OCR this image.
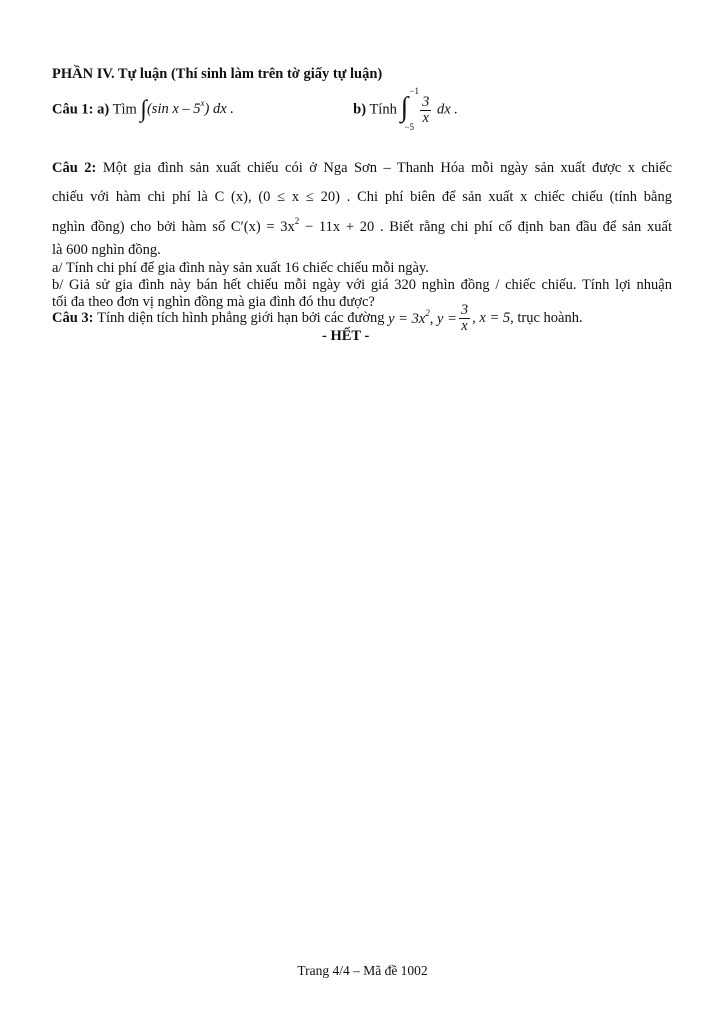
PHẦN IV. Tự luận (Thí sinh làm trên tờ giấy tự luận)
Câu 1: a) Tìm ∫(sin x – 5$^x$) dx .	b) Tính ∫
−1
−5

$\frac{3}{x}$ dx .
Câu 2: Một gia đình sản xuất chiếu cói ở Nga Sơn – Thanh Hóa mỗi ngày sản xuất được x chiếc
chiếu với hàm chi phí là C (x), (0 ≤ x ≤ 20) . Chi phí biên để sản xuất x chiếc chiếu (tính bằng
nghìn đồng) cho bởi hàm số $C'(x) = 3x^2 - 11x + 20$ . Biết rằng chi phí cố định ban đầu để sản xuất
là 600 nghìn đồng.
a/ Tính chi phí để gia đình này sản xuất 16 chiếc chiếu mỗi ngày.
b/ Giả sử gia đình này bán hết chiếu mỗi ngày với giá 320 nghìn đồng / chiếc chiếu. Tính lợi nhuận
tối đa theo đơn vị nghìn đồng mà gia đình đó thu được?
Câu 3:
Tính diện tích hình phẳng giới hạn bởi các đường
$y = 3x^2$, $y = \frac{3}{x}$ , x = 5 , trục hoành.
- HẾT -
Trang 4/4 – Mã đề 1002
